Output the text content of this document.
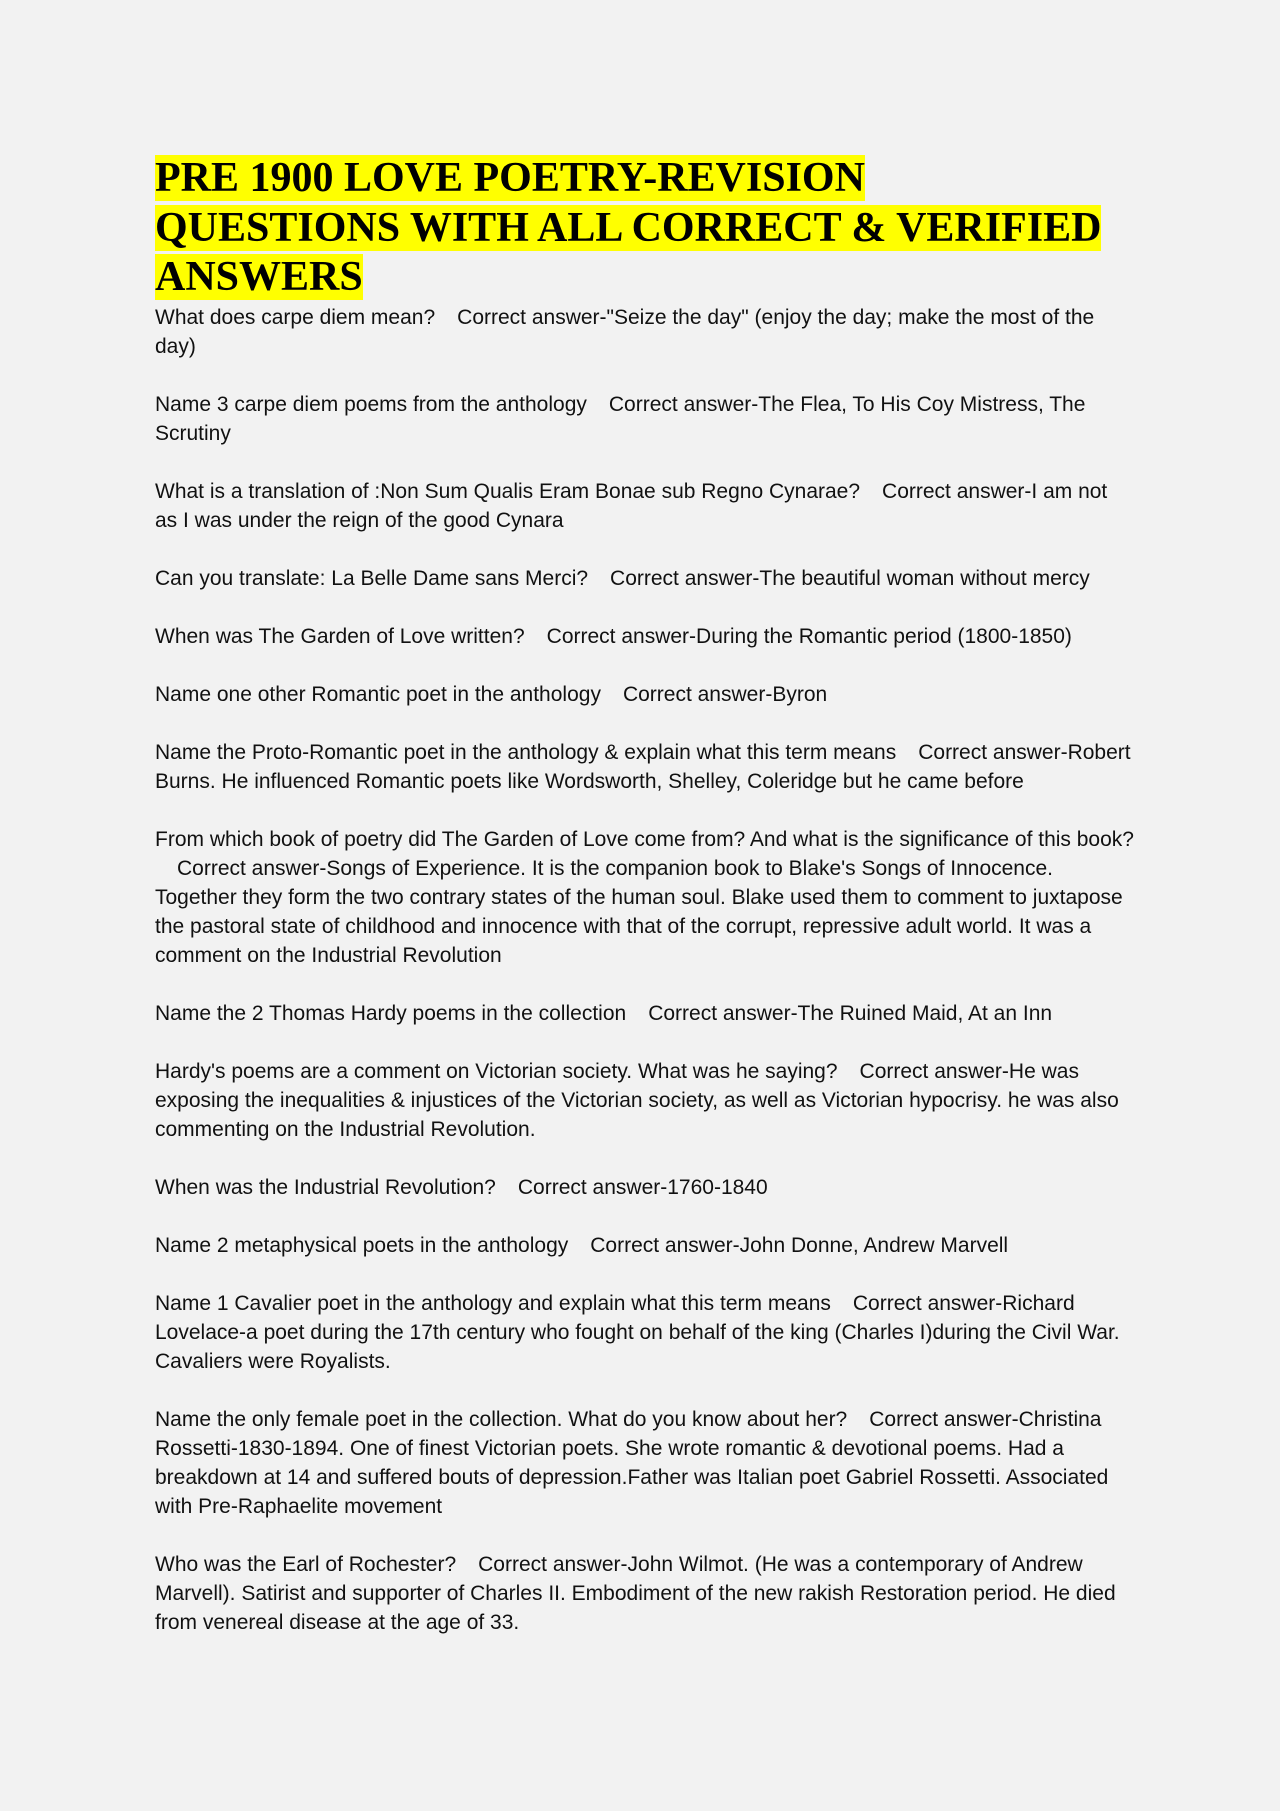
PRE 1900 LOVE POETRY-REVISION
QUESTIONS WITH ALL CORRECT & VERIFIED
ANSWERS

What does carpe diem mean? Correct answer-"Seize the day" (enjoy the day; make the most of the day)

Name 3 carpe diem poems from the anthology Correct answer-The Flea, To His Coy Mistress, The Scrutiny

What is a translation of :Non Sum Qualis Eram Bonae sub Regno Cynarae? Correct answer-I am not as I was under the reign of the good Cynara

Can you translate: La Belle Dame sans Merci? Correct answer-The beautiful woman without mercy

When was The Garden of Love written? Correct answer-During the Romantic period (1800-1850)

Name one other Romantic poet in the anthology Correct answer-Byron

Name the Proto-Romantic poet in the anthology & explain what this term means Correct answer-Robert Burns. He influenced Romantic poets like Wordsworth, Shelley, Coleridge but he came before

From which book of poetry did The Garden of Love come from? And what is the significance of this book?Correct answer-Songs of Experience. It is the companion book to Blake's Songs of Innocence. Together they form the two contrary states of the human soul. Blake used them to comment to juxtapose the pastoral state of childhood and innocence with that of the corrupt, repressive adult world. It was a comment on the Industrial Revolution

Name the 2 Thomas Hardy poems in the collection Correct answer-The Ruined Maid, At an Inn

Hardy's poems are a comment on Victorian society. What was he saying? Correct answer-He was exposing the inequalities & injustices of the Victorian society, as well as Victorian hypocrisy. he was also commenting on the Industrial Revolution.

When was the Industrial Revolution? Correct answer-1760-1840

Name 2 metaphysical poets in the anthology Correct answer-John Donne, Andrew Marvell

Name 1 Cavalier poet in the anthology and explain what this term means Correct answer-Richard Lovelace-a poet during the 17th century who fought on behalf of the king (Charles I)during the Civil War. Cavaliers were Royalists.

Name the only female poet in the collection. What do you know about her? Correct answer-Christina Rossetti-1830-1894. One of finest Victorian poets. She wrote romantic & devotional poems. Had a breakdown at 14 and suffered bouts of depression.Father was Italian poet Gabriel Rossetti. Associated with Pre-Raphaelite movement

Who was the Earl of Rochester? Correct answer-John Wilmot. (He was a contemporary of Andrew Marvell). Satirist and supporter of Charles II. Embodiment of the new rakish Restoration period. He died from venereal disease at the age of 33.
